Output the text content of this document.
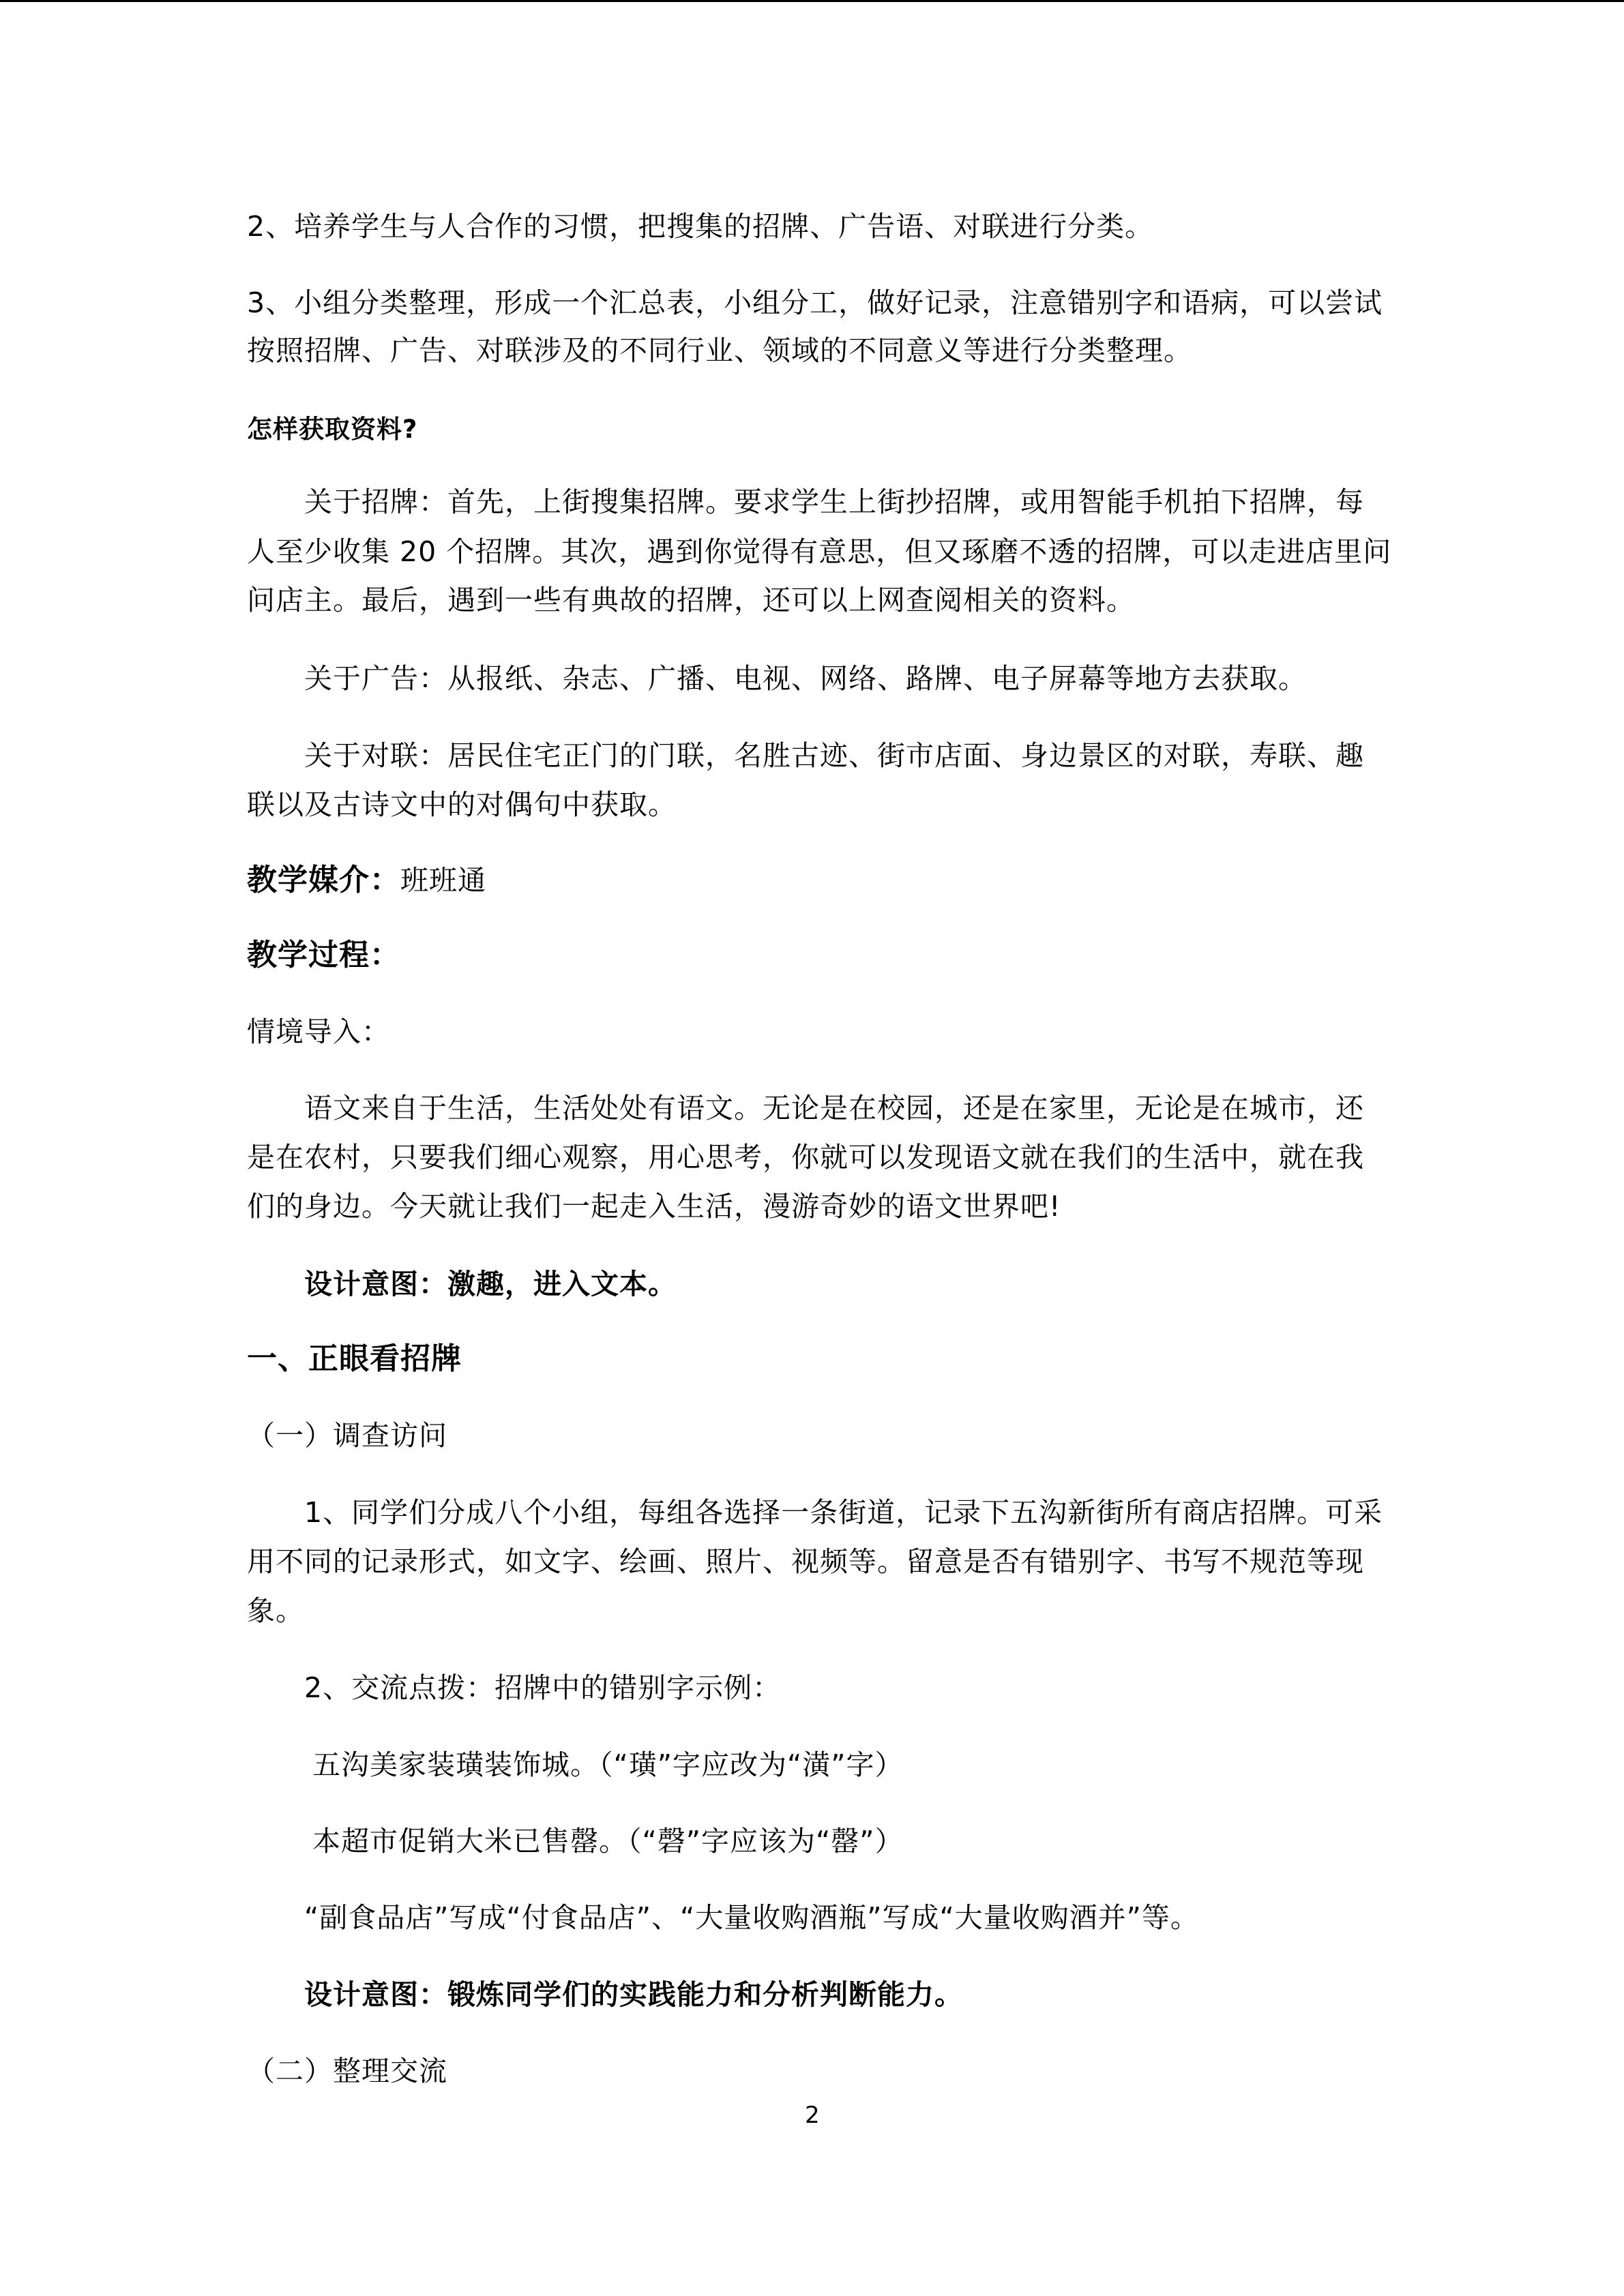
2、培养学生与人合作的习惯，把搜集的招牌、广告语、对联进行分类。
3、小组分类整理，形成一个汇总表，小组分工，做好记录，注意错别字和语病，可以尝试
按照招牌、广告、对联涉及的不同行业、领域的不同意义等进行分类整理。
怎样获取资料?
关于招牌：首先，上街搜集招牌。要求学生上街抄招牌，或用智能手机拍下招牌，每
人至少收集 20 个招牌。其次，遇到你觉得有意思，但又琢磨不透的招牌，可以走进店里问
问店主。最后，遇到一些有典故的招牌，还可以上网查阅相关的资料。
关于广告：从报纸、杂志、广播、电视、网络、路牌、电子屏幕等地方去获取。
关于对联：居民住宅正门的门联，名胜古迹、街市店面、身边景区的对联，寿联、趣
联以及古诗文中的对偶句中获取。
教学媒介：班班通
教学过程：
情境导入：
语文来自于生活，生活处处有语文。无论是在校园，还是在家里，无论是在城市，还
是在农村，只要我们细心观察，用心思考，你就可以发现语文就在我们的生活中，就在我
们的身边。今天就让我们一起走入生活，漫游奇妙的语文世界吧!
设计意图：激趣，进入文本。
一、正眼看招牌
（一）调查访问
1、同学们分成八个小组，每组各选择一条街道，记录下五沟新街所有商店招牌。可采
用不同的记录形式，如文字、绘画、照片、视频等。留意是否有错别字、书写不规范等现
象。
2、交流点拨：招牌中的错别字示例：
五沟美家装璜装饰城。（“璜”字应改为“潢”字）
本超市促销大米已售罄。（“磬”字应该为“罄”）
“副食品店”写成“付食品店”、“大量收购酒瓶”写成“大量收购酒并”等。
设计意图：锻炼同学们的实践能力和分析判断能力。
（二）整理交流
2
